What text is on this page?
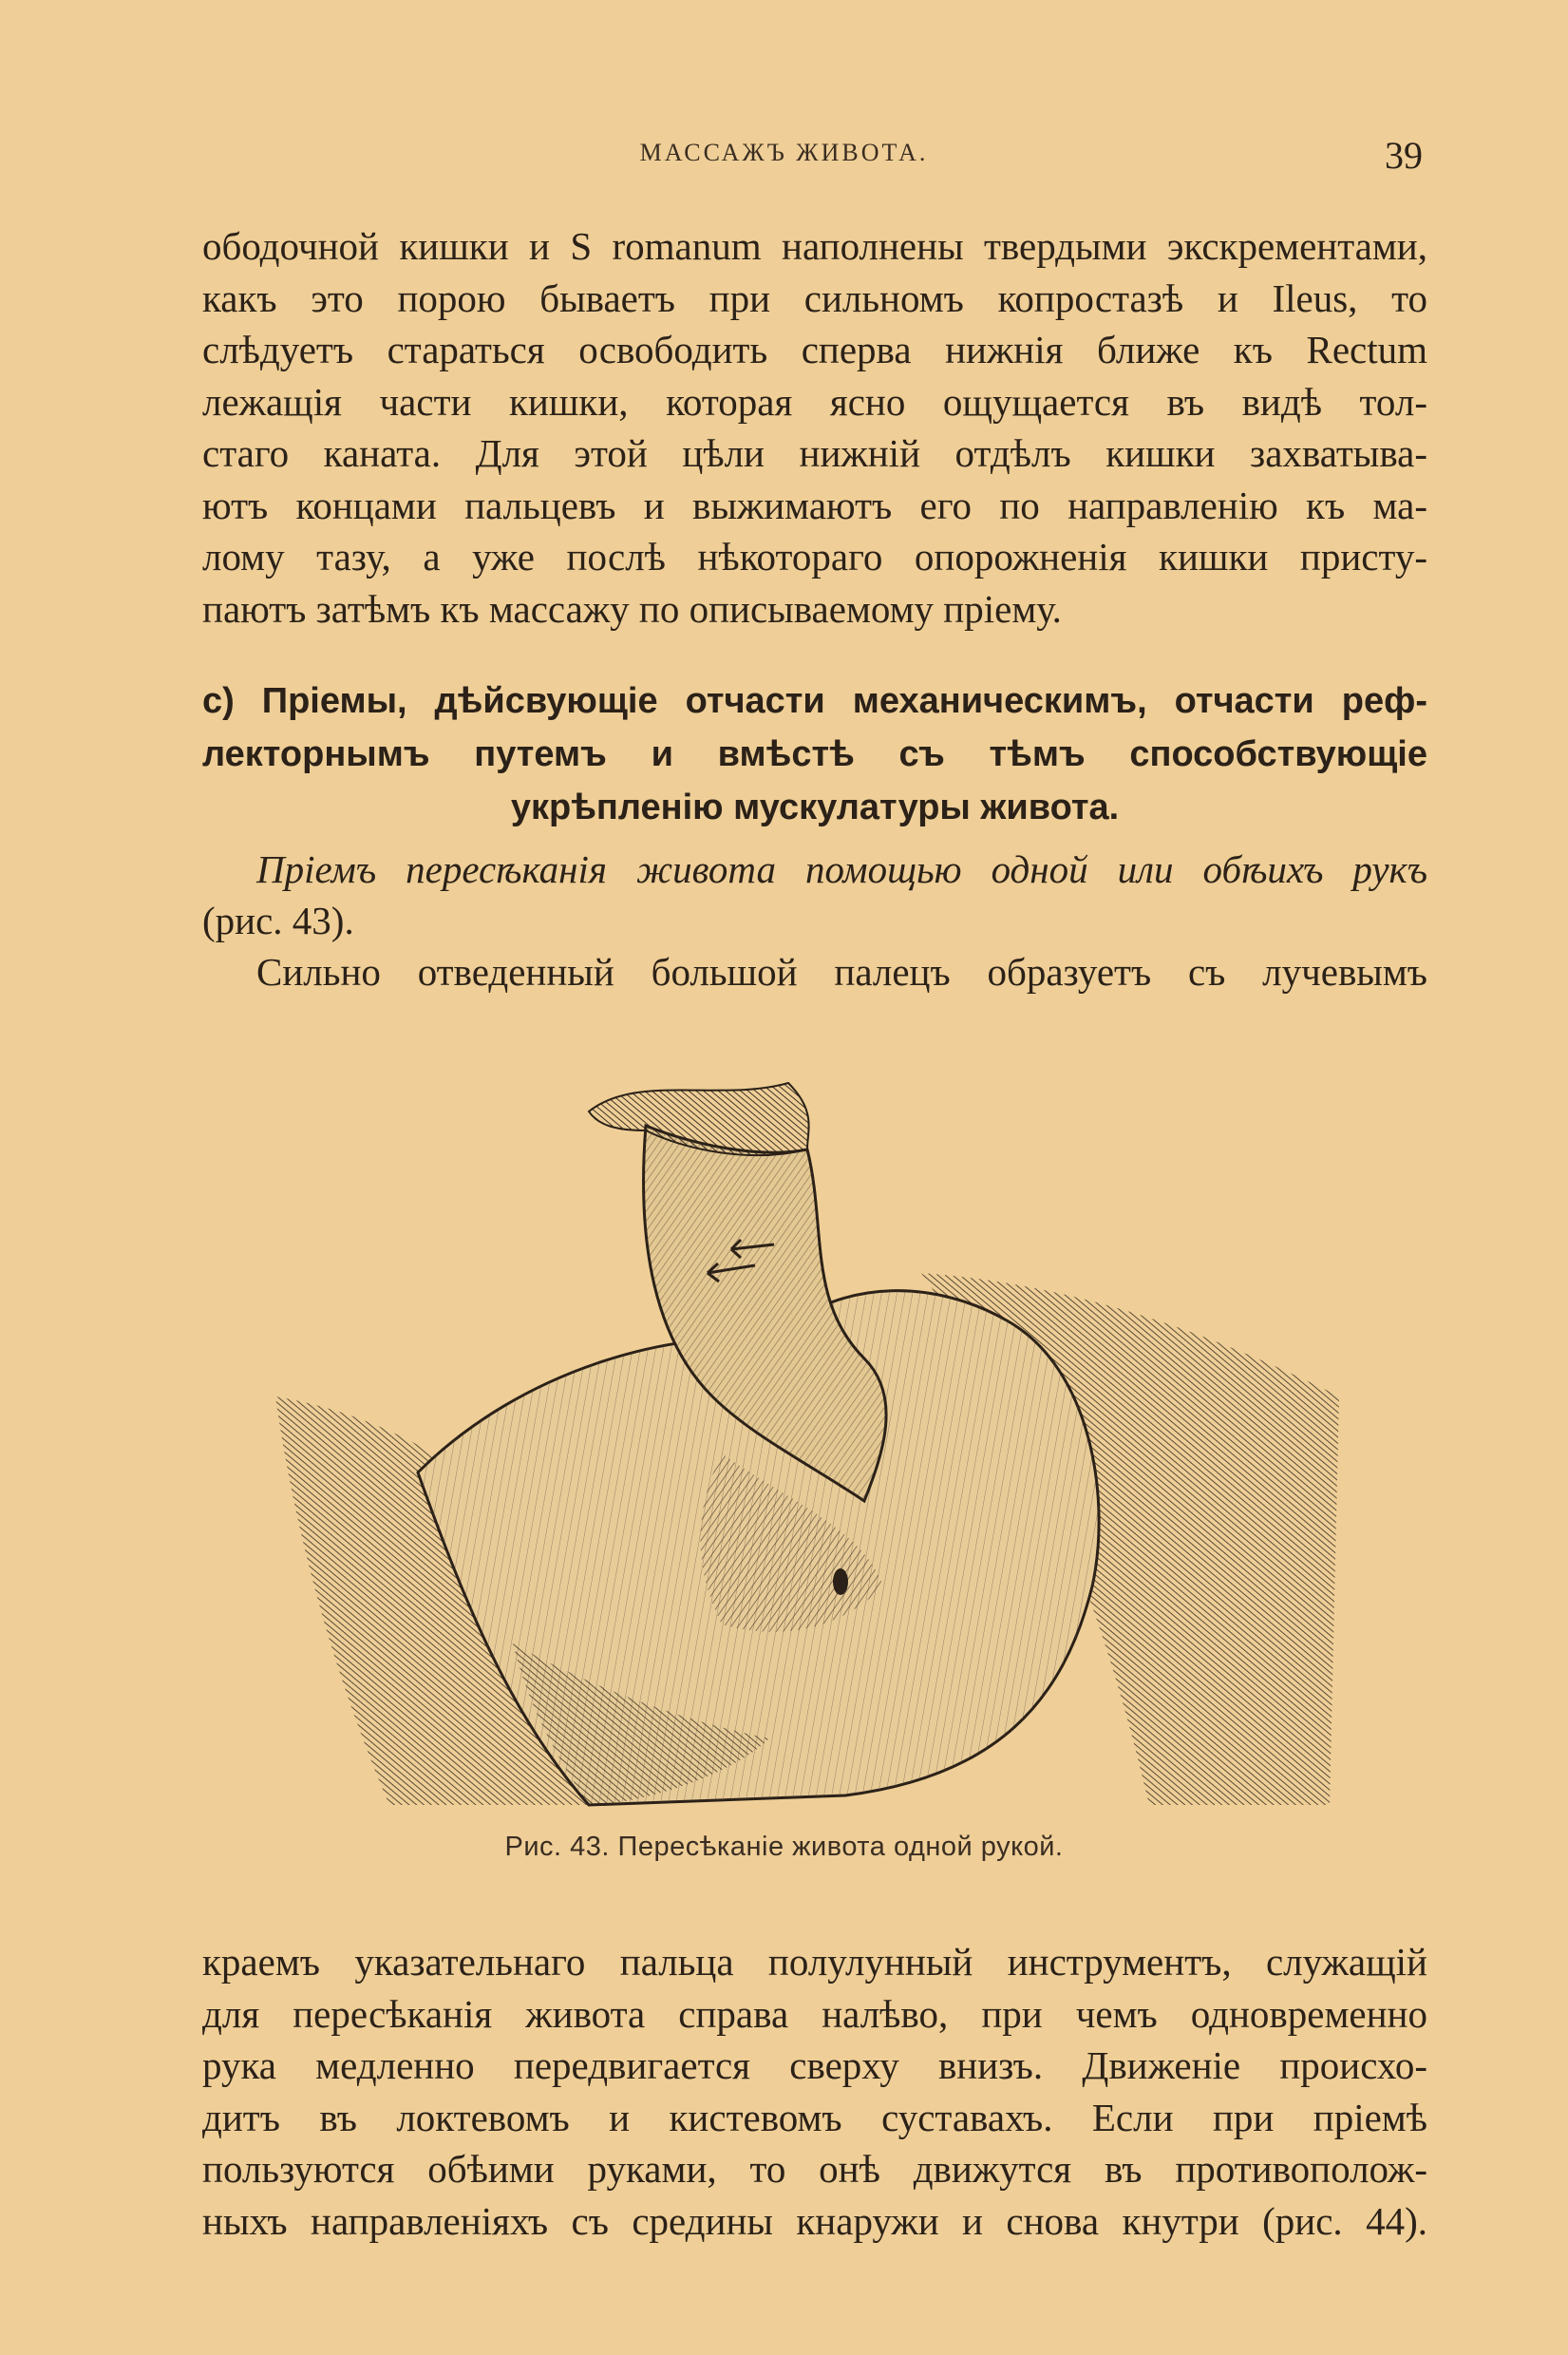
МАССАЖЪ ЖИВОТА.	39
ободочной кишки и S romanum наполнены твердыми экскрементами,
какъ это порою бываетъ при сильномъ копростазѣ и Ileus, то
слѣдуетъ стараться освободить сперва нижнія ближе къ Rectum
лежащія части кишки, которая ясно ощущается въ видѣ тол-
стаго каната. Для этой цѣли нижній отдѣлъ кишки захватыва-
ютъ концами пальцевъ и выжимаютъ его по направленію къ ма-
лому тазу, а уже послѣ нѣкотораго опорожненія кишки присту-
паютъ затѣмъ къ массажу по описываемому пріему.
c) Пріемы, дѣйсвующіе отчасти механическимъ, отчасти реф-
лекторнымъ путемъ и вмѣстѣ съ тѣмъ способствующіе
укрѣпленію мускулатуры живота.
Пріемъ пересѣканія живота помощью одной или обѣихъ рукъ
(рис. 43).
Сильно отведенный большой палецъ образуетъ съ лучевымъ
Рис. 43. Пересѣканіе живота одной рукой.
краемъ указательнаго пальца полулунный инструментъ, служащій
для пересѣканія живота справа налѣво, при чемъ одновременно
рука медленно передвигается сверху внизъ. Движеніе происхо-
дитъ въ локтевомъ и кистевомъ суставахъ. Если при пріемѣ
пользуются обѣими руками, то онѣ движутся въ противополож-
ныхъ направленіяхъ съ средины кнаружи и снова кнутри (рис. 44).
